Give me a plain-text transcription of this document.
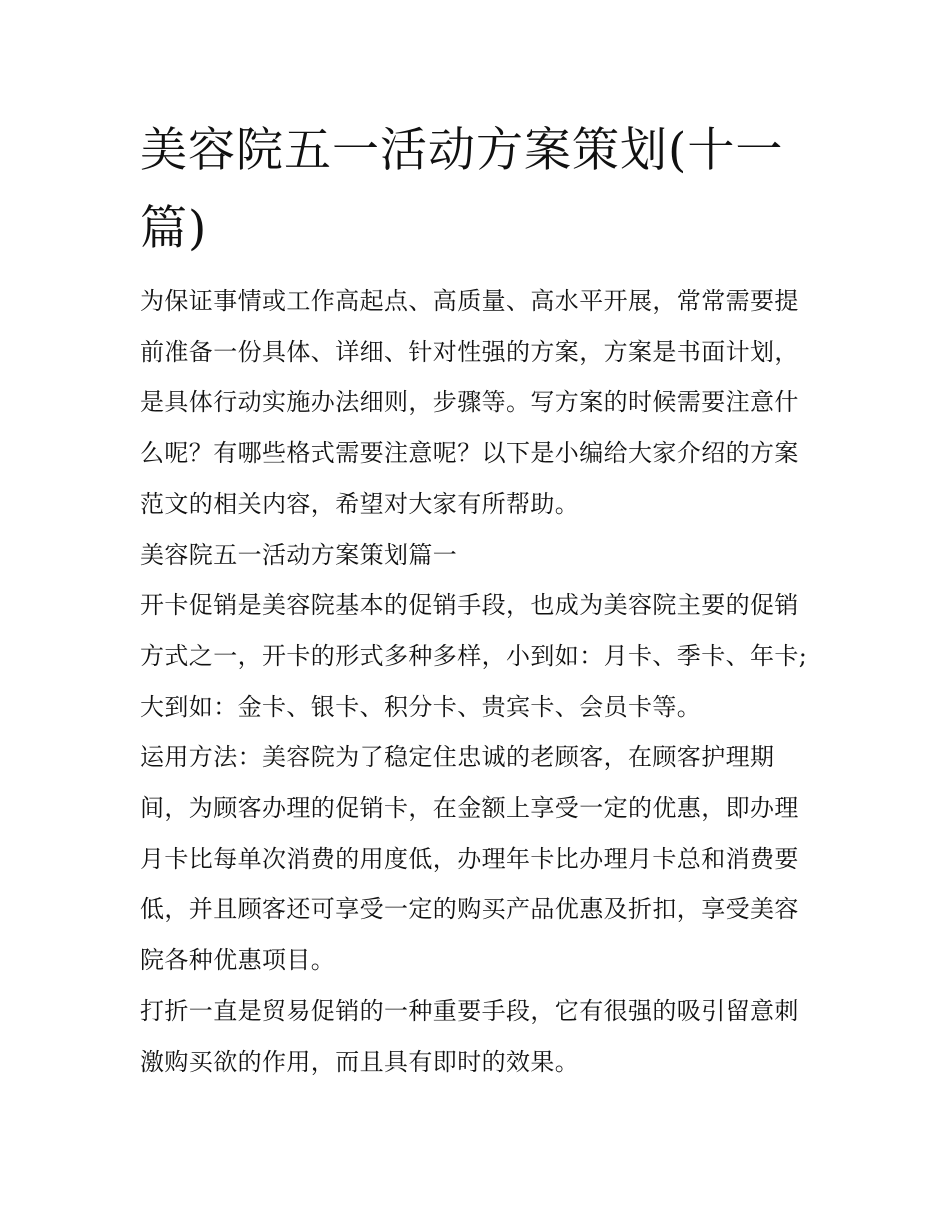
美容院五一活动方案策划(十一篇)

为保证事情或工作高起点、高质量、高水平开展，常常需要提前准备一份具体、详细、针对性强的方案，方案是书面计划，是具体行动实施办法细则，步骤等。写方案的时候需要注意什么呢？有哪些格式需要注意呢？以下是小编给大家介绍的方案范文的相关内容，希望对大家有所帮助。

美容院五一活动方案策划篇一

开卡促销是美容院基本的促销手段，也成为美容院主要的促销方式之一，开卡的形式多种多样，小到如：月卡、季卡、年卡;大到如：金卡、银卡、积分卡、贵宾卡、会员卡等。

运用方法：美容院为了稳定住忠诚的老顾客，在顾客护理期间，为顾客办理的促销卡，在金额上享受一定的优惠，即办理月卡比每单次消费的用度低，办理年卡比办理月卡总和消费要低，并且顾客还可享受一定的购买产品优惠及折扣，享受美容院各种优惠项目。

打折一直是贸易促销的一种重要手段，它有很强的吸引留意刺激购买欲的作用，而且具有即时的效果。
